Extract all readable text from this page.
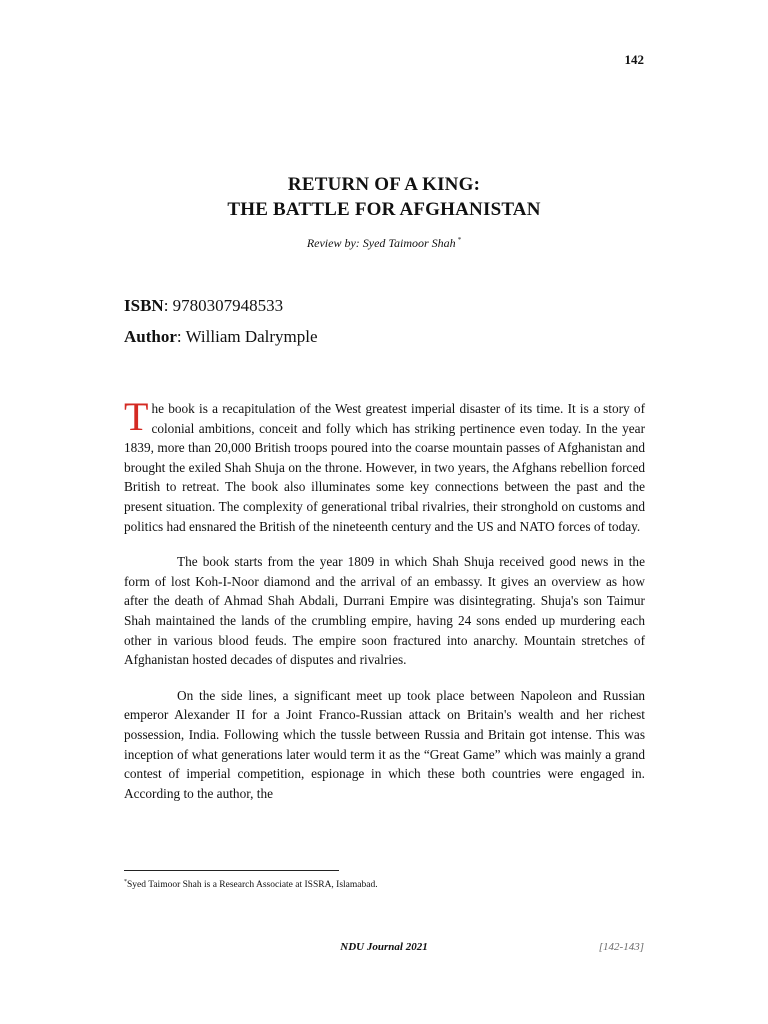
142
RETURN OF A KING:
THE BATTLE FOR AFGHANISTAN
Review by: Syed Taimoor Shah *
ISBN: 9780307948533
Author: William Dalrymple

The book is a recapitulation of the West greatest imperial disaster of its time. It is a story of colonial ambitions, conceit and folly which has striking pertinence even today. In the year 1839, more than 20,000 British troops poured into the coarse mountain passes of Afghanistan and brought the exiled Shah Shuja on the throne. However, in two years, the Afghans rebellion forced British to retreat. The book also illuminates some key connections between the past and the present situation. The complexity of generational tribal rivalries, their stronghold on customs and politics had ensnared the British of the nineteenth century and the US and NATO forces of today.

The book starts from the year 1809 in which Shah Shuja received good news in the form of lost Koh-I-Noor diamond and the arrival of an embassy. It gives an overview as how after the death of Ahmad Shah Abdali, Durrani Empire was disintegrating. Shuja's son Taimur Shah maintained the lands of the crumbling empire, having 24 sons ended up murdering each other in various blood feuds. The empire soon fractured into anarchy. Mountain stretches of Afghanistan hosted decades of disputes and rivalries.

On the side lines, a significant meet up took place between Napoleon and Russian emperor Alexander II for a Joint Franco-Russian attack on Britain's wealth and her richest possession, India. Following which the tussle between Russia and Britain got intense. This was inception of what generations later would term it as the “Great Game” which was mainly a grand contest of imperial competition, espionage in which these both countries were engaged in. According to the author, the

*Syed Taimoor Shah is a Research Associate at ISSRA, Islamabad.
NDU Journal 2021	[142-143]
